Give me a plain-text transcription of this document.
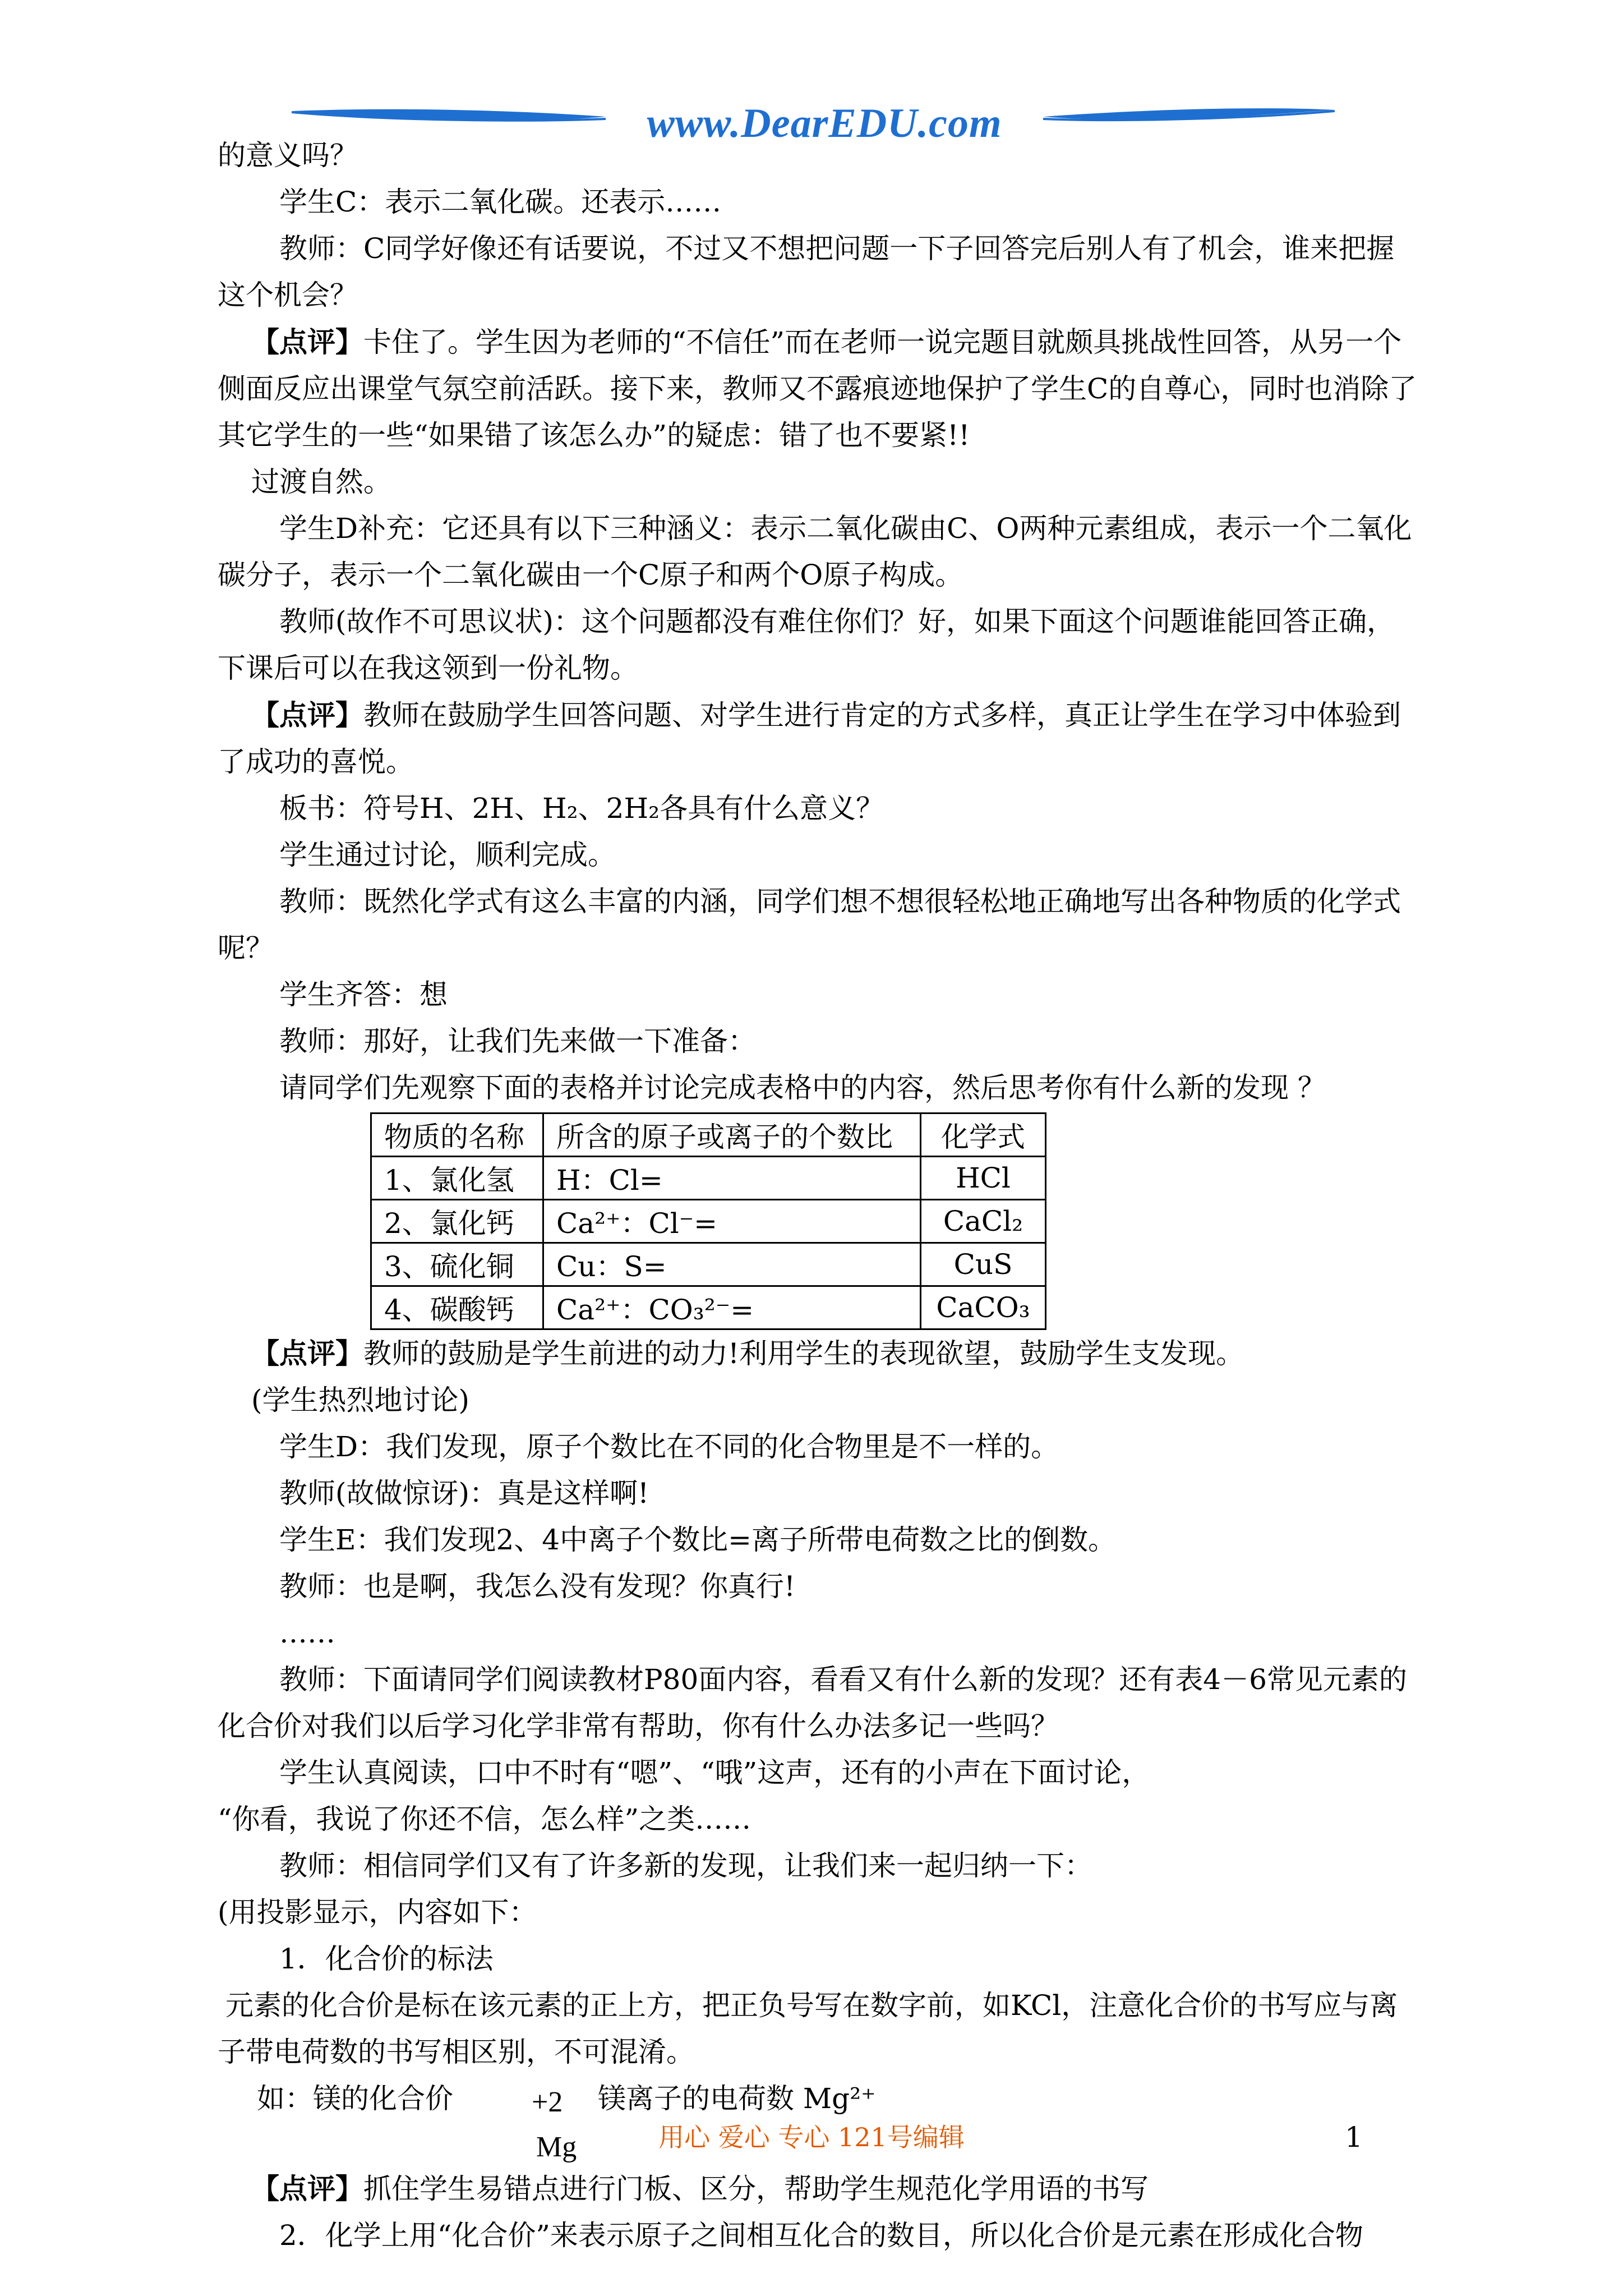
www.DearEDU.com

的意义吗？

学生C：表示二氧化碳。还表示……

教师：C同学好像还有话要说，不过又不想把问题一下子回答完后别人有了机会，谁来把握这个机会？

【点评】卡住了。学生因为老师的“不信任”而在老师一说完题目就颇具挑战性回答，从另一个侧面反应出课堂气氛空前活跃。接下来，教师又不露痕迹地保护了学生C的自尊心，同时也消除了其它学生的一些“如果错了该怎么办”的疑虑：错了也不要紧!!

过渡自然。

学生D补充：它还具有以下三种涵义：表示二氧化碳由C、O两种元素组成，表示一个二氧化碳分子，表示一个二氧化碳由一个C原子和两个O原子构成。

教师(故作不可思议状)：这个问题都没有难住你们？好，如果下面这个问题谁能回答正确，下课后可以在我这领到一份礼物。

【点评】教师在鼓励学生回答问题、对学生进行肯定的方式多样，真正让学生在学习中体验到了成功的喜悦。

板书：符号H、2H、H₂、2H₂各具有什么意义？

学生通过讨论，顺利完成。

教师：既然化学式有这么丰富的内涵，同学们想不想很轻松地正确地写出各种物质的化学式呢？

学生齐答：想

教师：那好，让我们先来做一下准备：

请同学们先观察下面的表格并讨论完成表格中的内容，然后思考你有什么新的发现 ？

物质的名称	所含的原子或离子的个数比	化学式
1、氯化氢	H：Cl=	HCl
2、氯化钙	Ca²⁺：Cl⁻=	CaCl₂
3、硫化铜	Cu：S=	CuS
4、碳酸钙	Ca²⁺：CO₃²⁻=	CaCO₃

【点评】教师的鼓励是学生前进的动力!利用学生的表现欲望，鼓励学生支发现。

(学生热烈地讨论)

学生D：我们发现，原子个数比在不同的化合物里是不一样的。

教师(故做惊讶)：真是这样啊!

学生E：我们发现2、4中离子个数比=离子所带电荷数之比的倒数。

教师：也是啊，我怎么没有发现？你真行!

……

教师：下面请同学们阅读教材P80面内容，看看又有什么新的发现？还有表4－6常见元素的化合价对我们以后学习化学非常有帮助，你有什么办法多记一些吗？

学生认真阅读，口中不时有“嗯”、“哦”这声，还有的小声在下面讨论，

“你看，我说了你还不信，怎么样”之类……

教师：相信同学们又有了许多新的发现，让我们来一起归纳一下：

(用投影显示，内容如下：

1．化合价的标法

元素的化合价是标在该元素的正上方，把正负号写在数字前，如KCl，注意化合价的书写应与离子带电荷数的书写相区别，不可混淆。

如：镁的化合价	+2 镁离子的电荷数 Mg²⁺
Mg

【点评】抓住学生易错点进行门板、区分，帮助学生规范化学用语的书写

2．化学上用“化合价”来表示原子之间相互化合的数目，所以化合价是元素在形成化合物

用心 爱心 专心 121号编辑	1
